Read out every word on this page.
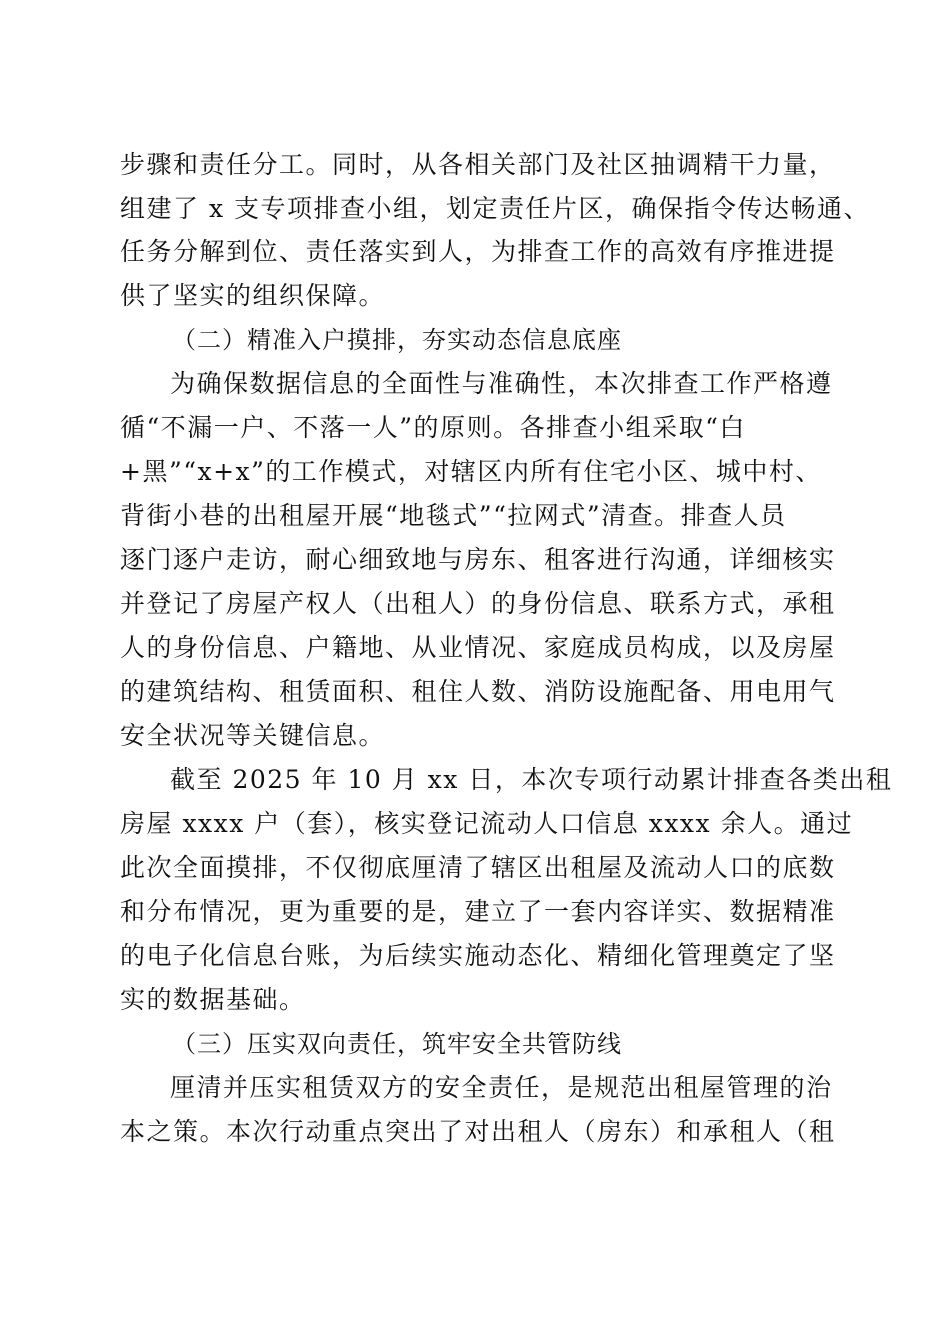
步骤和责任分工。同时，从各相关部门及社区抽调精干力量，
组建了 x 支专项排查小组，划定责任片区，确保指令传达畅通、
任务分解到位、责任落实到人，为排查工作的高效有序推进提
供了坚实的组织保障。
（二）精准入户摸排，夯实动态信息底座
为确保数据信息的全面性与准确性，本次排查工作严格遵
循“不漏一户、不落一人”的原则。各排查小组采取“白
+黑”“x+x”的工作模式，对辖区内所有住宅小区、城中村、
背街小巷的出租屋开展“地毯式”“拉网式”清查。排查人员
逐门逐户走访，耐心细致地与房东、租客进行沟通，详细核实
并登记了房屋产权人（出租人）的身份信息、联系方式，承租
人的身份信息、户籍地、从业情况、家庭成员构成，以及房屋
的建筑结构、租赁面积、租住人数、消防设施配备、用电用气
安全状况等关键信息。
截至 2025 年 10 月 xx 日，本次专项行动累计排查各类出租
房屋 xxxx 户（套），核实登记流动人口信息 xxxx 余人。通过
此次全面摸排，不仅彻底厘清了辖区出租屋及流动人口的底数
和分布情况，更为重要的是，建立了一套内容详实、数据精准
的电子化信息台账，为后续实施动态化、精细化管理奠定了坚
实的数据基础。
（三）压实双向责任，筑牢安全共管防线
厘清并压实租赁双方的安全责任，是规范出租屋管理的治
本之策。本次行动重点突出了对出租人（房东）和承租人（租
